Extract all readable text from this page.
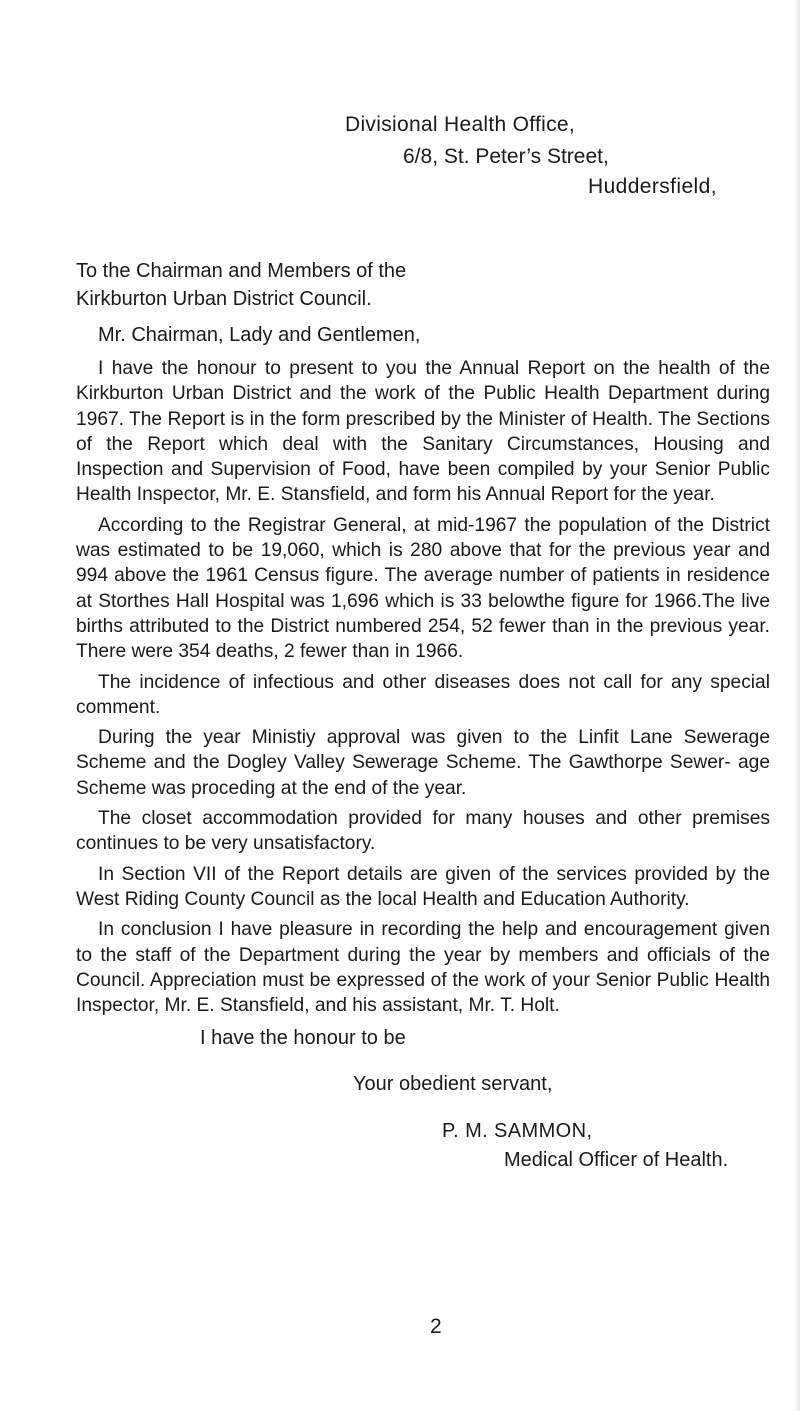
Divisional Health Office,
6/8, St. Peter’s Street,
Huddersfield,
To the Chairman and Members of the
Kirkburton Urban District Council.
Mr. Chairman, Lady and Gentlemen,

I have the honour to present to you the Annual Report on the health of the Kirkburton Urban District and the work of the Public Health Department during 1967. The Report is in the form prescribed by the Minister of Health. The Sections of the Report which deal with the Sanitary Circumstances, Housing and Inspection and Supervision of Food, have been compiled by your Senior Public Health Inspector, Mr. E. Stansfield, and form his Annual Report for the year.

According to the Registrar General, at mid-1967 the population of the District was estimated to be 19,060, which is 280 above that for the previous year and 994 above the 1961 Census figure. The average number of patients in residence at Storthes Hall Hospital was 1,696 which is 33 belowthe figure for 1966.The live births attributed to the District numbered 254, 52 fewer than in the previous year. There were 354 deaths, 2 fewer than in 1966.

The incidence of infectious and other diseases does not call for any special comment.

During the year Ministiy approval was given to the Linfit Lane Sewerage Scheme and the Dogley Valley Sewerage Scheme. The Gawthorpe Sewer- age Scheme was proceding at the end of the year.

The closet accommodation provided for many houses and other premises continues to be very unsatisfactory.

In Section VII of the Report details are given of the services provided by the West Riding County Council as the local Health and Education Authority.

In conclusion I have pleasure in recording the help and encouragement given to the staff of the Department during the year by members and officials of the Council. Appreciation must be expressed of the work of your Senior Public Health Inspector, Mr. E. Stansfield, and his assistant, Mr. T. Holt.

I have the honour to be
Your obedient servant,
P. M. SAMMON,
Medical Officer of Health.
2
